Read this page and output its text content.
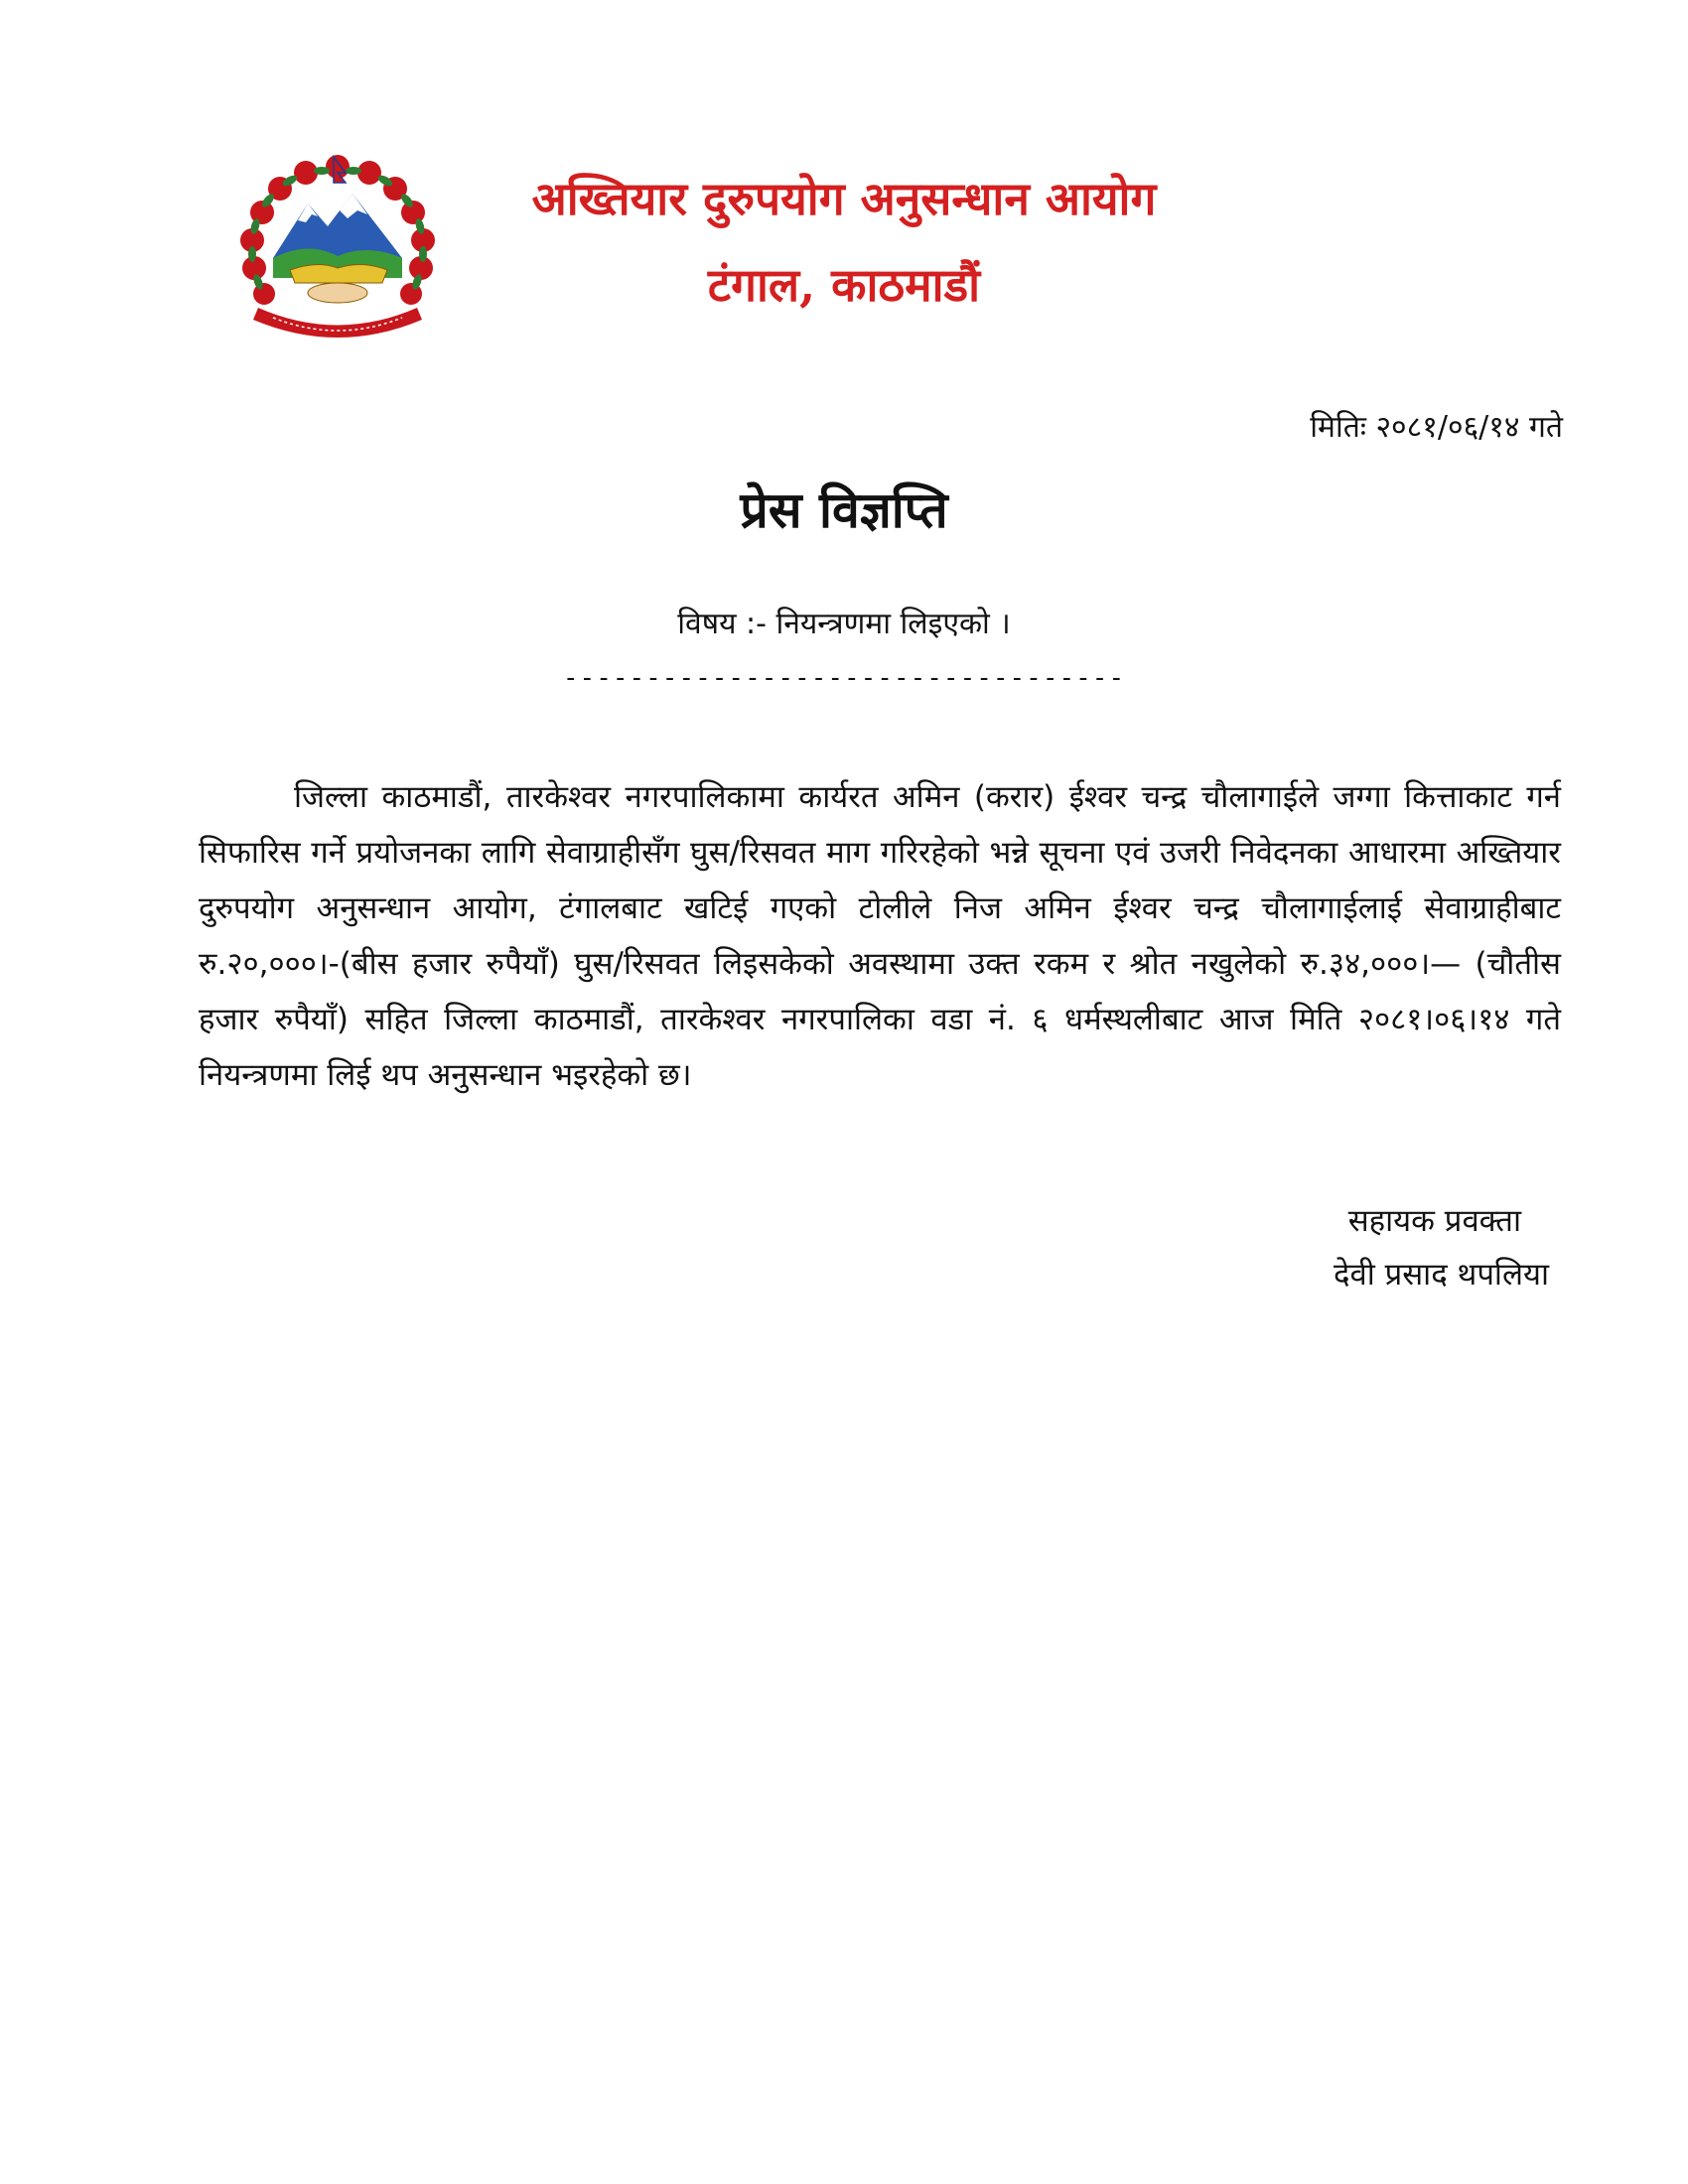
अख्तियार दुरुपयोग अनुसन्धान आयोग
टंगाल, काठमाडौं
मितिः २०८१/०६/१४ गते
प्रेस विज्ञप्ति
विषय :- नियन्त्रणमा लिइएको ।
----------------------------------

जिल्ला काठमाडौं, तारकेश्वर नगरपालिकामा कार्यरत अमिन (करार) ईश्वर चन्द्र चौलागाईले जग्गा कित्ताकाट गर्न सिफारिस गर्ने प्रयोजनका लागि सेवाग्राहीसँग घुस/रिसवत माग गरिरहेको भन्ने सूचना एवं उजरी निवेदनका आधारमा अख्तियार दुरुपयोग अनुसन्धान आयोग, टंगालबाट खटिई गएको टोलीले निज अमिन ईश्वर चन्द्र चौलागाईलाई सेवाग्राहीबाट रु.२०,०००।-(बीस हजार रुपैयाँ) घुस/रिसवत लिइसकेको अवस्थामा उक्त रकम र श्रोत नखुलेको रु.३४,०००।— (चौतीस हजार रुपैयाँ) सहित जिल्ला काठमाडौं, तारकेश्वर नगरपालिका वडा नं. ६ धर्मस्थलीबाट आज मिति २०८१।०६।१४ गते नियन्त्रणमा लिई थप अनुसन्धान भइरहेको छ।

सहायक प्रवक्ता
देवी प्रसाद थपलिया
